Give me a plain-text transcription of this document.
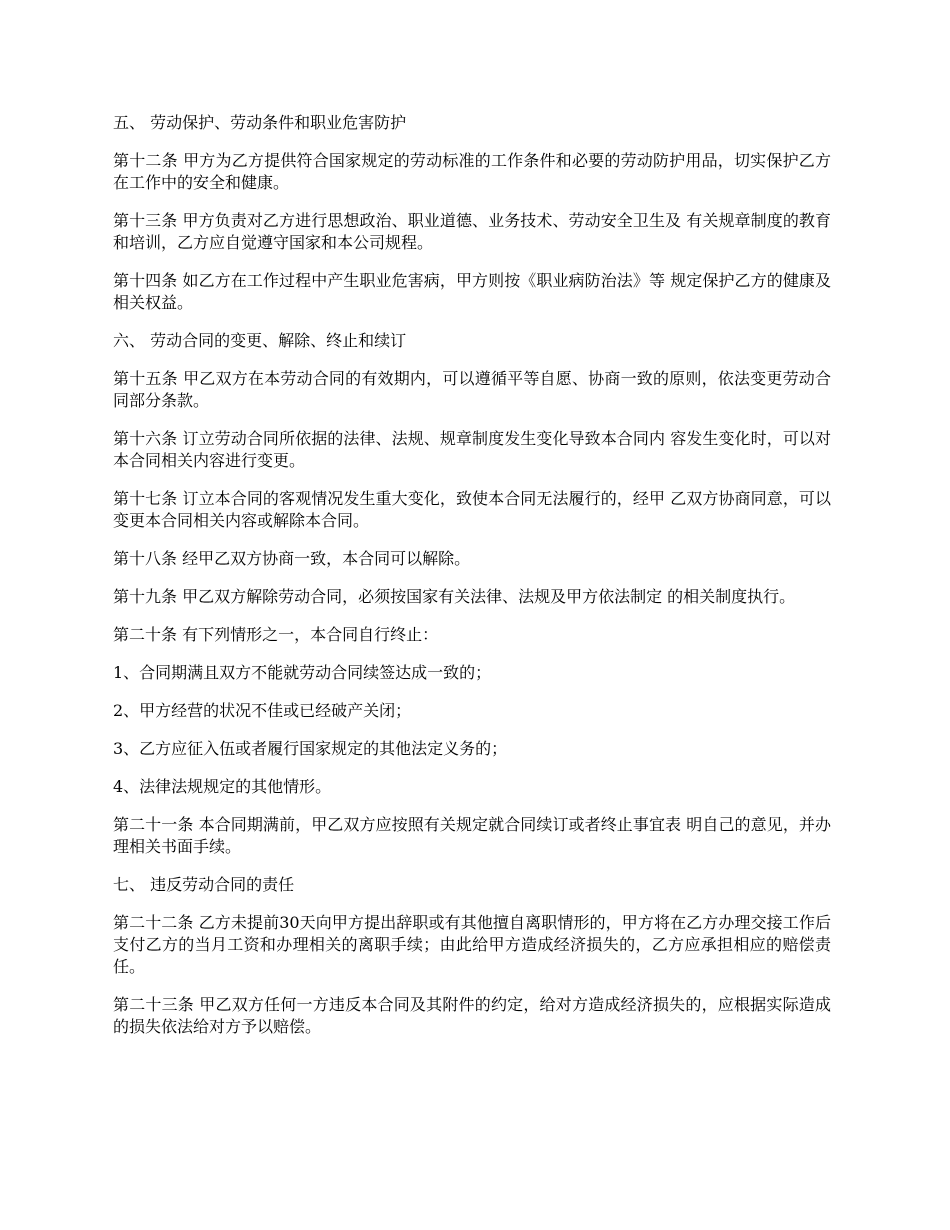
五、 劳动保护、劳动条件和职业危害防护

第十二条 甲方为乙方提供符合国家规定的劳动标准的工作条件和必要的劳动防护用品，切实保护乙方在工作中的安全和健康。

第十三条 甲方负责对乙方进行思想政治、职业道德、业务技术、劳动安全卫生及 有关规章制度的教育和培训，乙方应自觉遵守国家和本公司规程。

第十四条 如乙方在工作过程中产生职业危害病，甲方则按《职业病防治法》等 规定保护乙方的健康及相关权益。

六、 劳动合同的变更、解除、终止和续订

第十五条 甲乙双方在本劳动合同的有效期内，可以遵循平等自愿、协商一致的原则，依法变更劳动合同部分条款。

第十六条 订立劳动合同所依据的法律、法规、规章制度发生变化导致本合同内 容发生变化时，可以对本合同相关内容进行变更。

第十七条 订立本合同的客观情况发生重大变化，致使本合同无法履行的，经甲 乙双方协商同意，可以变更本合同相关内容或解除本合同。

第十八条 经甲乙双方协商一致，本合同可以解除。

第十九条 甲乙双方解除劳动合同，必须按国家有关法律、法规及甲方依法制定 的相关制度执行。

第二十条 有下列情形之一，本合同自行终止：

1、合同期满且双方不能就劳动合同续签达成一致的；

2、甲方经营的状况不佳或已经破产关闭；

3、乙方应征入伍或者履行国家规定的其他法定义务的；

4、法律法规规定的其他情形。

第二十一条 本合同期满前，甲乙双方应按照有关规定就合同续订或者终止事宜表 明自己的意见，并办理相关书面手续。

七、 违反劳动合同的责任

第二十二条 乙方未提前30天向甲方提出辞职或有其他擅自离职情形的，甲方将在乙方办理交接工作后支付乙方的当月工资和办理相关的离职手续；由此给甲方造成经济损失的，乙方应承担相应的赔偿责任。

第二十三条 甲乙双方任何一方违反本合同及其附件的约定，给对方造成经济损失的，应根据实际造成的损失依法给对方予以赔偿。
